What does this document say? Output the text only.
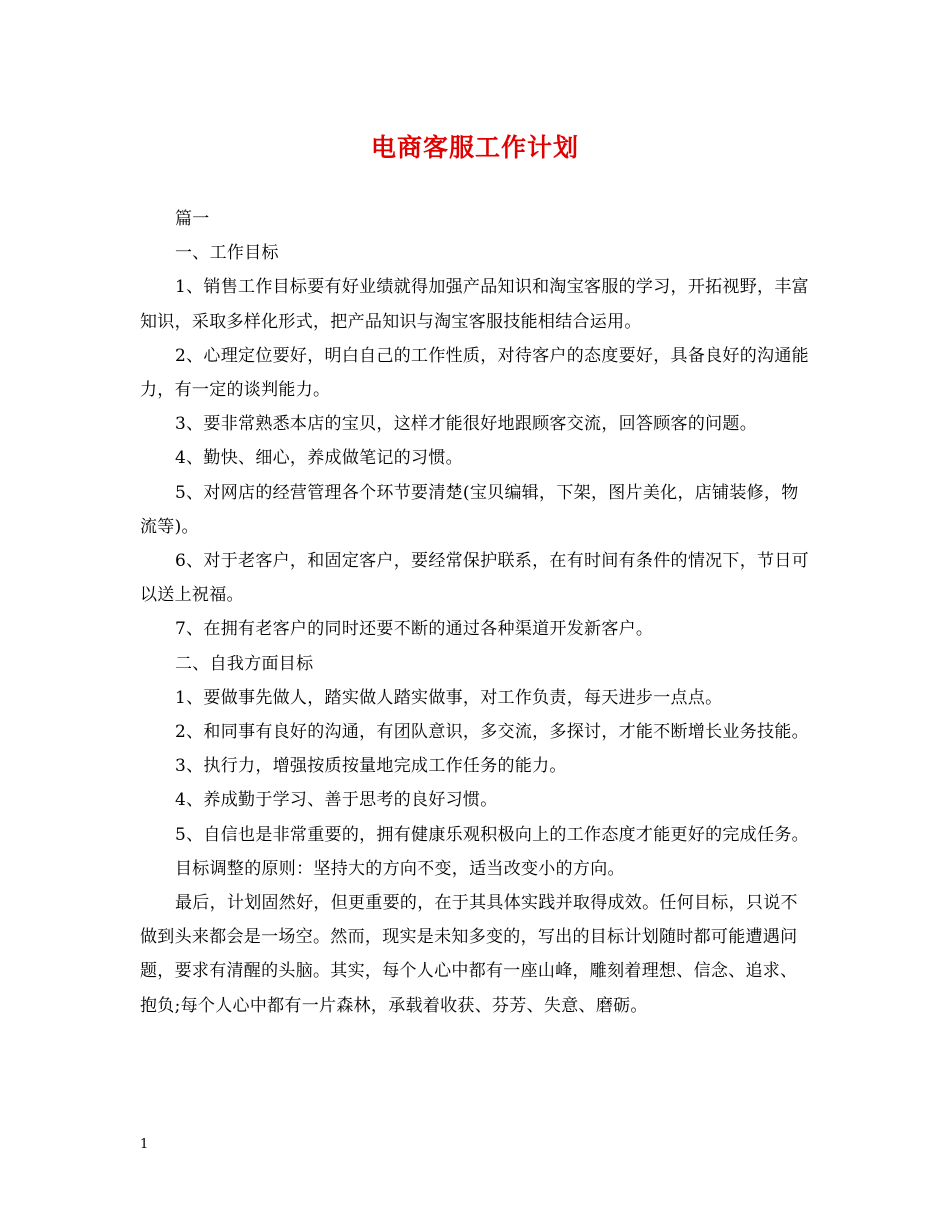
电商客服工作计划

篇一

一、工作目标

1、销售工作目标要有好业绩就得加强产品知识和淘宝客服的学习，开拓视野，丰富知识，采取多样化形式，把产品知识与淘宝客服技能相结合运用。

2、心理定位要好，明白自己的工作性质，对待客户的态度要好，具备良好的沟通能力，有一定的谈判能力。

3、要非常熟悉本店的宝贝，这样才能很好地跟顾客交流，回答顾客的问题。

4、勤快、细心，养成做笔记的习惯。

5、对网店的经营管理各个环节要清楚(宝贝编辑，下架，图片美化，店铺装修，物流等)。

6、对于老客户，和固定客户，要经常保护联系，在有时间有条件的情况下，节日可以送上祝福。

7、在拥有老客户的同时还要不断的通过各种渠道开发新客户。

二、自我方面目标

1、要做事先做人，踏实做人踏实做事，对工作负责，每天进步一点点。

2、和同事有良好的沟通，有团队意识，多交流，多探讨，才能不断增长业务技能。

3、执行力，增强按质按量地完成工作任务的能力。

4、养成勤于学习、善于思考的良好习惯。

5、自信也是非常重要的，拥有健康乐观积极向上的工作态度才能更好的完成任务。

目标调整的原则：坚持大的方向不变，适当改变小的方向。

最后，计划固然好，但更重要的，在于其具体实践并取得成效。任何目标，只说不做到头来都会是一场空。然而，现实是未知多变的，写出的目标计划随时都可能遭遇问题，要求有清醒的头脑。其实，每个人心中都有一座山峰，雕刻着理想、信念、追求、抱负;每个人心中都有一片森林，承载着收获、芬芳、失意、磨砺。

1
